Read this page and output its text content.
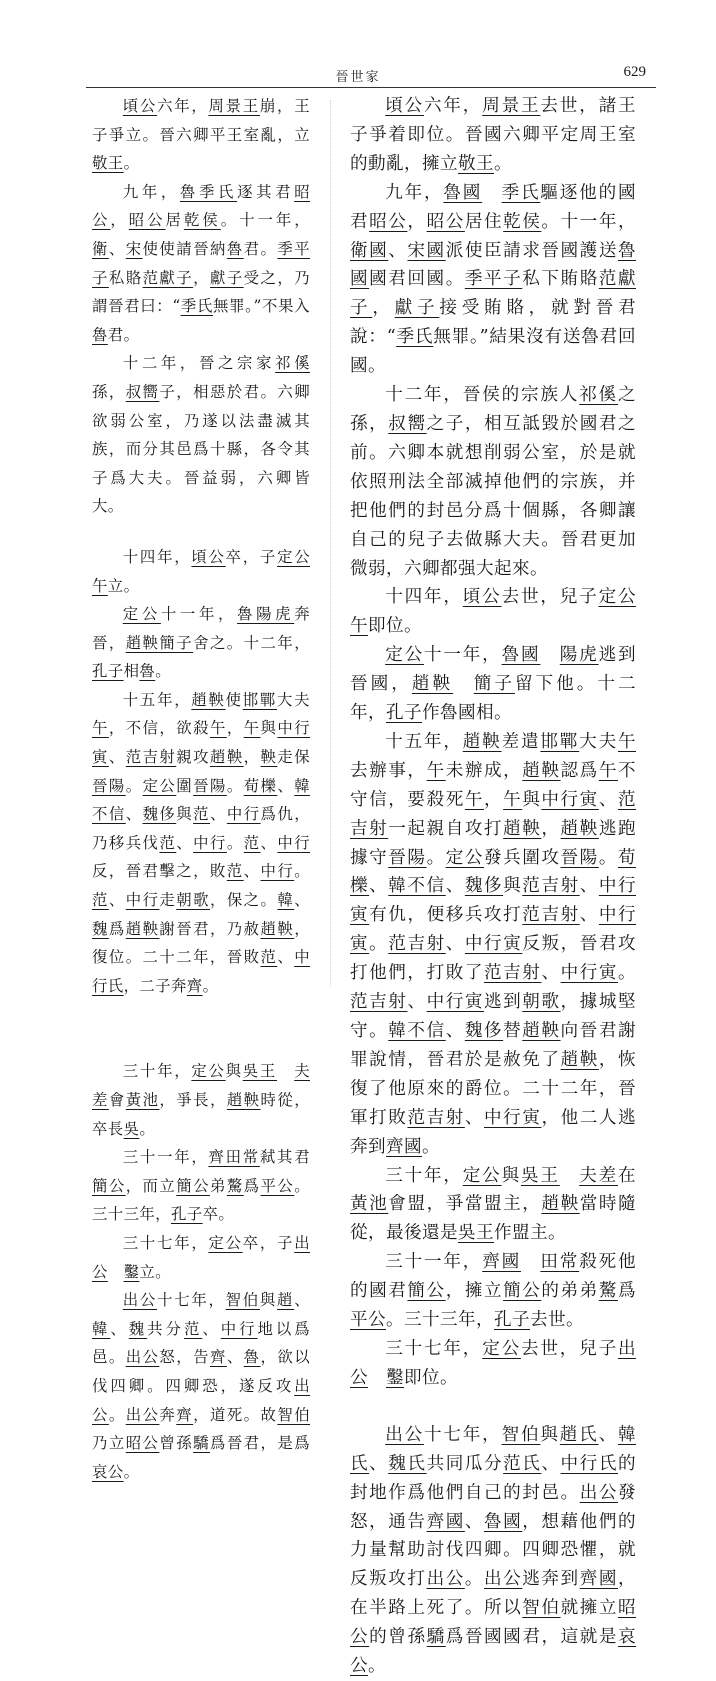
晉世家	629

頃公六年，周景王崩，王子爭立。晉六卿平王室亂，立敬王。

九年，魯季氏逐其君昭公，昭公居乾侯。十一年，衛、宋使使請晉納魯君。季平子私賂范獻子，獻子受之，乃謂晉君曰：“季氏無罪。”不果入魯君。

十二年，晉之宗家祁傒孫，叔嚮子，相惡於君。六卿欲弱公室，乃遂以法盡滅其族，而分其邑爲十縣，各令其子爲大夫。晉益弱，六卿皆大。

十四年，頃公卒，子定公午立。

定公十一年，魯陽虎奔晉，趙鞅簡子舍之。十二年，孔子相魯。

十五年，趙鞅使邯鄲大夫午，不信，欲殺午，午與中行寅、范吉射親攻趙鞅，鞅走保晉陽。定公圍晉陽。荀櫟、韓不信、魏侈與范、中行爲仇，乃移兵伐范、中行。范、中行反，晉君擊之，敗范、中行。范、中行走朝歌，保之。韓、魏爲趙鞅謝晉君，乃赦趙鞅，復位。二十二年，晉敗范、中行氏，二子奔齊。

三十年，定公與吳王　 夫差會黃池，爭長，趙鞅時從，卒長吳。

三十一年，齊田常弒其君簡公，而立簡公弟驁爲平公。三十三年，孔子卒。

三十七年，定公卒，子出公　 鑿立。

出公十七年，智伯與趙、韓、魏共分范、中行地以爲邑。出公怒，告齊、魯，欲以伐四卿。四卿恐，遂反攻出公。出公奔齊，道死。故智伯乃立昭公曾孫驕爲晉君，是爲哀公。

頃公六年，周景王去世，諸王子爭着即位。晉國六卿平定周王室的動亂，擁立敬王。

九年，魯國　 季氏驅逐他的國君昭公，昭公居住乾侯。十一年，衛國、宋國派使臣請求晉國護送魯國國君回國。季平子私下賄賂范獻子，獻子接受賄賂，就對晉君說：“季氏無罪。”結果沒有送魯君回國。

十二年，晉侯的宗族人祁傒之孫，叔嚮之子，相互詆毀於國君之前。六卿本就想削弱公室，於是就依照刑法全部滅掉他們的宗族，并把他們的封邑分爲十個縣，各卿讓自己的兒子去做縣大夫。晉君更加微弱，六卿都强大起來。

十四年，頃公去世，兒子定公午即位。

定公十一年，魯國　 陽虎逃到晉國，趙鞅　 簡子留下他。十二年，孔子作魯國相。

十五年，趙鞅差遣邯鄲大夫午去辦事，午未辦成，趙鞅認爲午不守信，要殺死午，午與中行寅、范吉射一起親自攻打趙鞅，趙鞅逃跑據守晉陽。定公發兵圍攻晉陽。荀櫟、韓不信、魏侈與范吉射、中行寅有仇，便移兵攻打范吉射、中行寅。范吉射、中行寅反叛，晉君攻打他們，打敗了范吉射、中行寅。范吉射、中行寅逃到朝歌，據城堅守。韓不信、魏侈替趙鞅向晉君謝罪說情，晉君於是赦免了趙鞅，恢復了他原來的爵位。二十二年，晉軍打敗范吉射、中行寅，他二人逃奔到齊國。

三十年，定公與吳王　 夫差在黃池會盟，爭當盟主，趙鞅當時隨從，最後還是吳王作盟主。

三十一年，齊國　 田常殺死他的國君簡公，擁立簡公的弟弟驁爲平公。三十三年，孔子去世。

三十七年，定公去世，兒子出公　 鑿即位。

出公十七年，智伯與趙氏、韓氏、魏氏共同瓜分范氏、中行氏的封地作爲他們自己的封邑。出公發怒，通告齊國、魯國，想藉他們的力量幫助討伐四卿。四卿恐懼，就反叛攻打出公。出公逃奔到齊國，在半路上死了。所以智伯就擁立昭公的曾孫驕爲晉國國君，這就是哀公。
